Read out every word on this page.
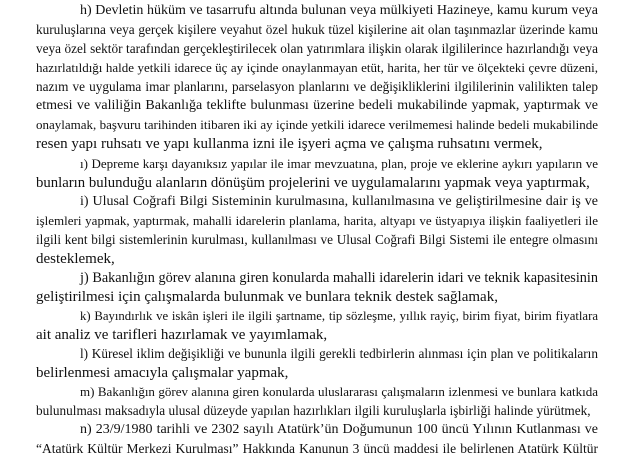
h) Devletin hüküm ve tasarrufu altında bulunan veya mülkiyeti Hazineye, kamu kurum veya
kuruluşlarına veya gerçek kişilere veyahut özel hukuk tüzel kişilerine ait olan taşınmazlar üzerinde kamu
veya özel sektör tarafından gerçekleştirilecek olan yatırımlara ilişkin olarak ilgililerince hazırlandığı veya
hazırlatıldığı halde yetkili idarece üç ay içinde onaylanmayan etüt, harita, her tür ve ölçekteki çevre düzeni,
nazım ve uygulama imar planlarını, parselasyon planlarını ve değişikliklerini ilgililerinin valilikten talep
etmesi ve valiliğin Bakanlığa teklifte bulunması üzerine bedeli mukabilinde yapmak, yaptırmak ve
onaylamak, başvuru tarihinden itibaren iki ay içinde yetkili idarece verilmemesi halinde bedeli mukabilinde
resen yapı ruhsatı ve yapı kullanma izni ile işyeri açma ve çalışma ruhsatını vermek,
ı) Depreme karşı dayanıksız yapılar ile imar mevzuatına, plan, proje ve eklerine aykırı yapıların ve
bunların bulunduğu alanların dönüşüm projelerini ve uygulamalarını yapmak veya yaptırmak,
i) Ulusal Coğrafi Bilgi Sisteminin kurulmasına, kullanılmasına ve geliştirilmesine dair iş ve
işlemleri yapmak, yaptırmak, mahalli idarelerin planlama, harita, altyapı ve üstyapıya ilişkin faaliyetleri ile
ilgili kent bilgi sistemlerinin kurulması, kullanılması ve Ulusal Coğrafi Bilgi Sistemi ile entegre olmasını
desteklemek,
j) Bakanlığın görev alanına giren konularda mahalli idarelerin idari ve teknik kapasitesinin
geliştirilmesi için çalışmalarda bulunmak ve bunlara teknik destek sağlamak,
k) Bayındırlık ve iskân işleri ile ilgili şartname, tip sözleşme, yıllık rayiç, birim fiyat, birim fiyatlara
ait analiz ve tarifleri hazırlamak ve yayımlamak,
l) Küresel iklim değişikliği ve bununla ilgili gerekli tedbirlerin alınması için plan ve politikaların
belirlenmesi amacıyla çalışmalar yapmak,
m) Bakanlığın görev alanına giren konularda uluslararası çalışmaların izlenmesi ve bunlara katkıda
bulunulması maksadıyla ulusal düzeyde yapılan hazırlıkları ilgili kuruluşlarla işbirliği halinde yürütmek,
n) 23/9/1980 tarihli ve 2302 sayılı Atatürk’ün Doğumunun 100 üncü Yılının Kutlanması ve
“Atatürk Kültür Merkezi Kurulması” Hakkında Kanunun 3 üncü maddesi ile belirlenen Atatürk Kültür
